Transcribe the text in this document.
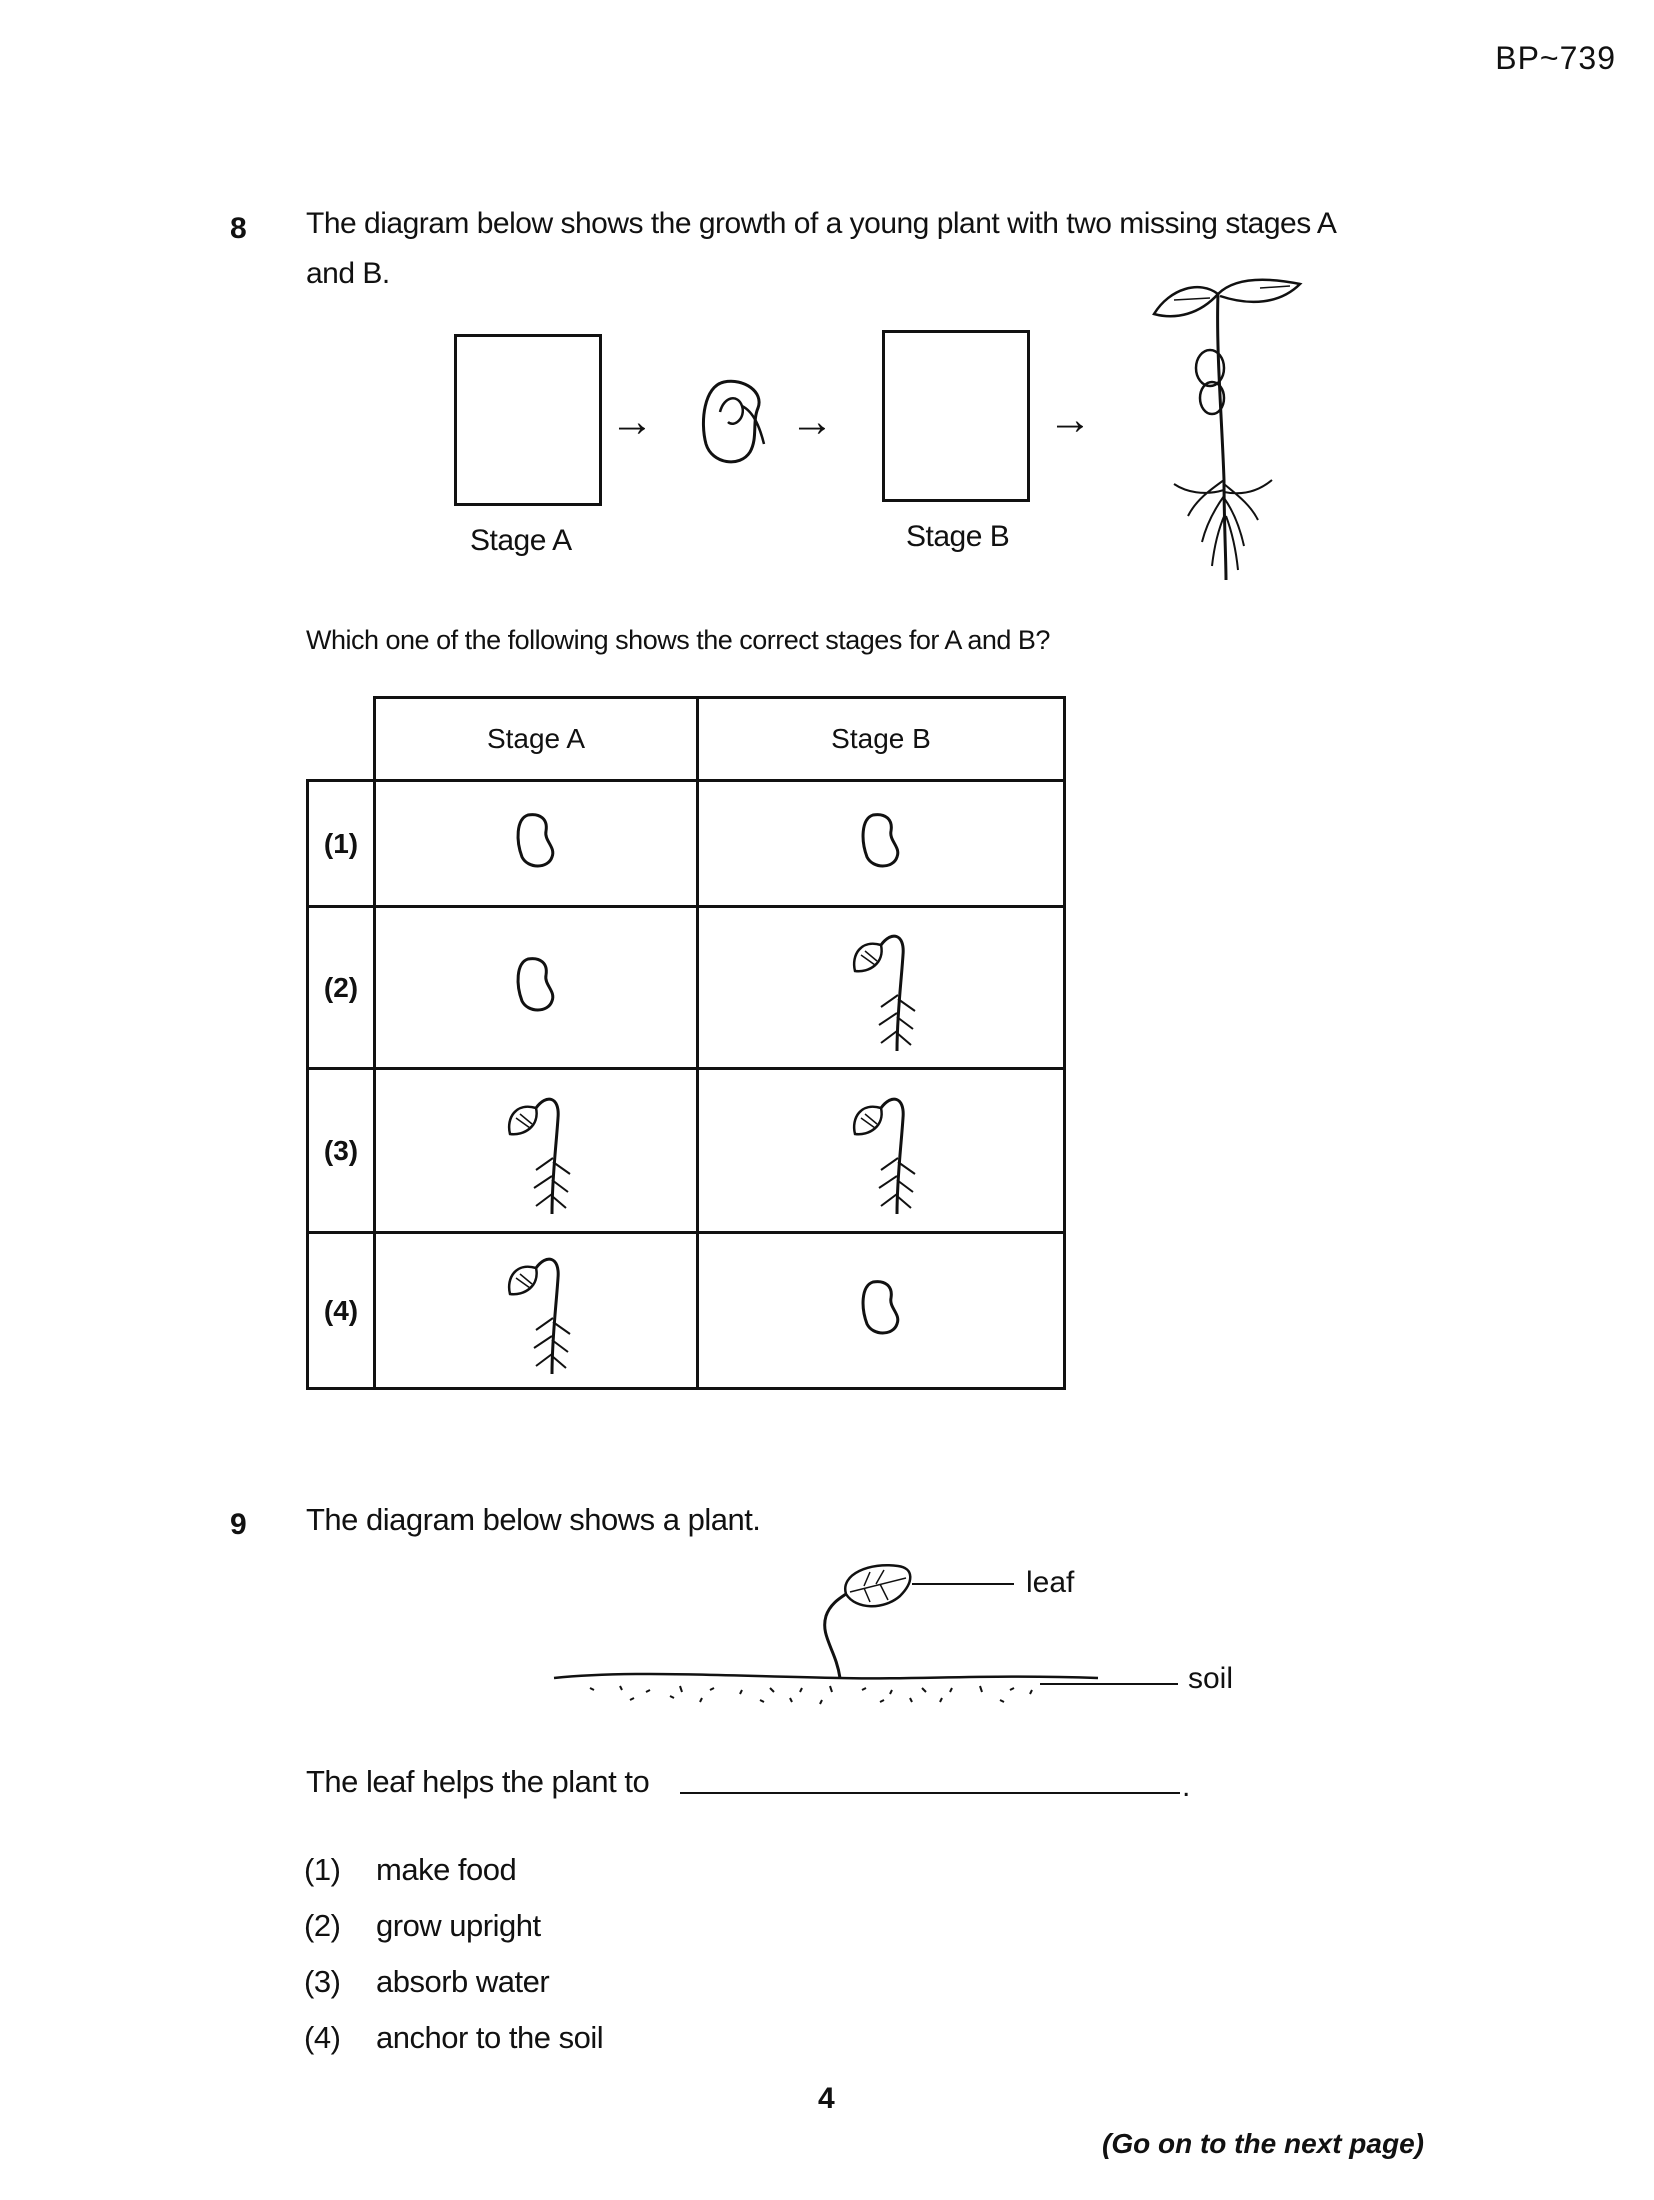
BP~739
8 The diagram below shows the growth of a young plant with two missing stages A
and B.
→	→	→
Stage A	Stage B
Which one of the following shows the correct stages for A and B?
	Stage A	Stage B
(1)		
(2)		
(3)		
(4)		
9 The diagram below shows a plant.
leaf
soil
The leaf helps the plant to	.
(1) make food
(2) grow upright
(3) absorb water
(4) anchor to the soil
4
(Go on to the next page)
